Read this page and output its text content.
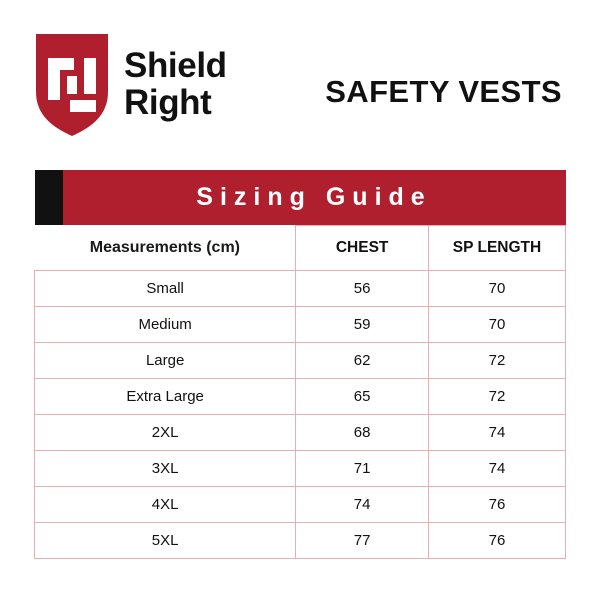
Shield
Right	SAFETY VESTS
Sizing Guide		

Measurements (cm)	CHEST	SP LENGTH
Small	56	70
Medium	59	70
Large	62	72
Extra Large	65	72
2XL	68	74
3XL	71	74
4XL	74	76
5XL	77	76
